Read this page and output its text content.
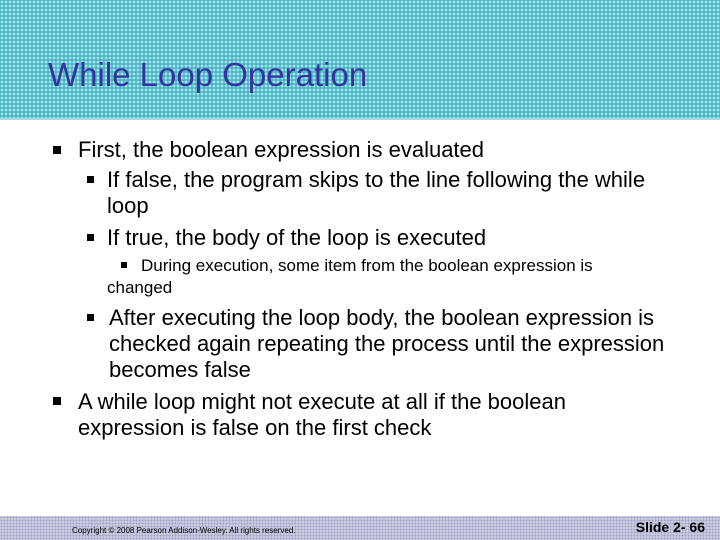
While Loop Operation

First, the boolean expression is evaluated

If false, the program skips to the line following the while loop

If true, the body of the loop is executed

During execution, some item from the boolean expression is changed

After executing the loop body, the boolean expression is checked again repeating the process until the expression becomes false

A while loop might not execute at all if the boolean expression is false on the first check

Copyright © 2008 Pearson Addison-Wesley. All rights reserved.	Slide 2- 66
